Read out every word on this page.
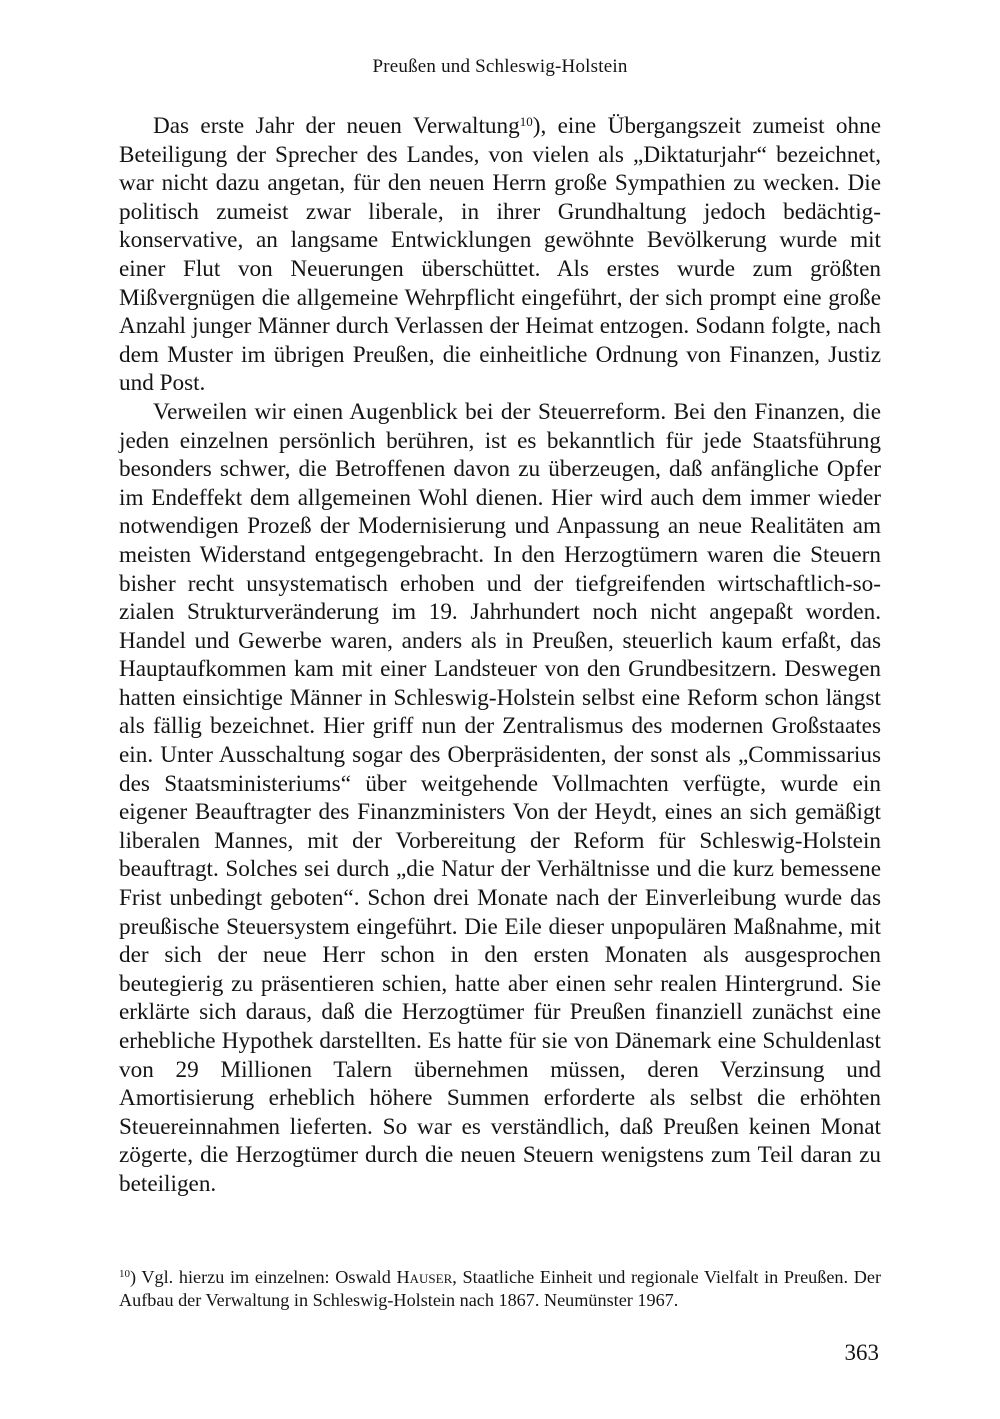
Preußen und Schleswig-Holstein

Das erste Jahr der neuen Verwaltung$^{10}$), eine Übergangszeit zumeist ohne Beteiligung der Sprecher des Landes, von vielen als „Diktaturjahr“ bezeichnet, war nicht dazu angetan, für den neuen Herrn große Sympathien zu wecken. Die politisch zumeist zwar liberale, in ihrer Grundhaltung jedoch bedächtig-konservative, an langsame Entwicklungen gewöhnte Bevölkerung wurde mit einer Flut von Neuerungen überschüttet. Als erstes wurde zum größten Mißvergnügen die allgemeine Wehrpflicht eingeführt, der sich prompt eine große Anzahl junger Männer durch Verlassen der Heimat entzogen. Sodann folgte, nach dem Muster im übrigen Preußen, die einheitliche Ordnung von Finanzen, Justiz und Post.

Verweilen wir einen Augenblick bei der Steuerreform. Bei den Finanzen, die jeden einzelnen persönlich berühren, ist es bekanntlich für jede Staatsführung besonders schwer, die Betroffenen davon zu überzeugen, daß anfängliche Opfer im Endeffekt dem allgemeinen Wohl dienen. Hier wird auch dem immer wieder notwendigen Prozeß der Modernisierung und Anpassung an neue Realitäten am meisten Widerstand entgegengebracht. In den Herzogtümern waren die Steuern bisher recht unsystematisch erhoben und der tiefgreifenden wirtschaftlich-sozialen Strukturveränderung im 19. Jahrhundert noch nicht angepaßt worden. Handel und Gewerbe waren, anders als in Preußen, steuerlich kaum erfaßt, das Hauptaufkommen kam mit einer Landsteuer von den Grundbesitzern. Deswegen hatten einsichtige Männer in Schleswig-Holstein selbst eine Reform schon längst als fällig bezeichnet. Hier griff nun der Zentralismus des modernen Großstaates ein. Unter Ausschaltung sogar des Oberpräsidenten, der sonst als „Commissarius des Staatsministeriums“ über weitgehende Vollmachten verfügte, wurde ein eigener Beauftragter des Finanzministers Von der Heydt, eines an sich gemäßigt liberalen Mannes, mit der Vorbereitung der Reform für Schleswig-Holstein beauftragt. Solches sei durch „die Natur der Verhältnisse und die kurz bemessene Frist unbedingt geboten“. Schon drei Monate nach der Einverleibung wurde das preußische Steuersystem eingeführt. Die Eile dieser unpopulären Maßnahme, mit der sich der neue Herr schon in den ersten Monaten als ausgesprochen beutegierig zu präsentieren schien, hatte aber einen sehr realen Hintergrund. Sie erklärte sich daraus, daß die Herzogtümer für Preußen finanziell zunächst eine erhebliche Hypothek darstellten. Es hatte für sie von Dänemark eine Schuldenlast von 29 Millionen Talern übernehmen müssen, deren Verzinsung und Amortisierung erheblich höhere Summen erforderte als selbst die erhöhten Steuereinnahmen lieferten. So war es verständlich, daß Preußen keinen Monat zögerte, die Herzogtümer durch die neuen Steuern wenigstens zum Teil daran zu beteiligen.

$^{10}$) Vgl. hierzu im einzelnen: Oswald Hauser, Staatliche Einheit und regionale Vielfalt in Preußen. Der Aufbau der Verwaltung in Schleswig-Holstein nach 1867. Neumünster 1967.
363
